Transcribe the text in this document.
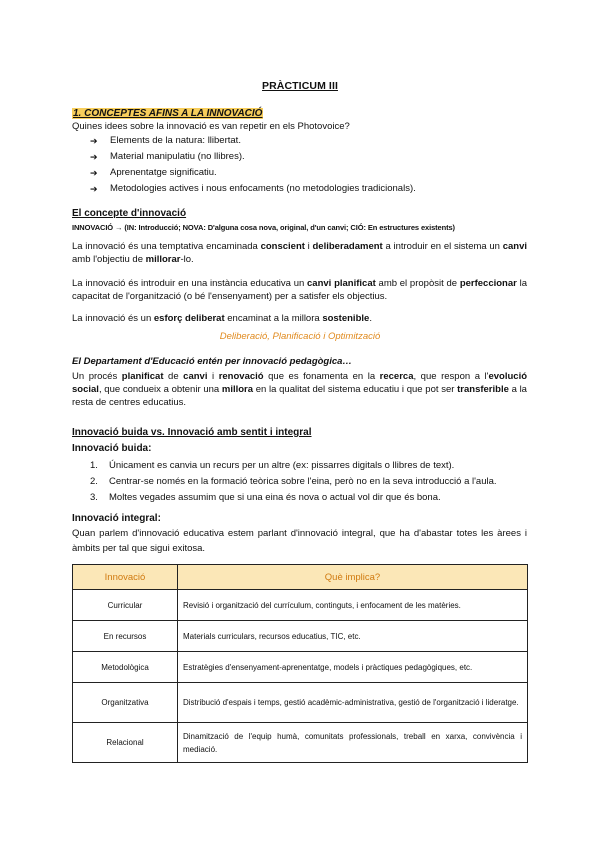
PRÀCTICUM III
1. CONCEPTES AFINS A LA INNOVACIÓ
Quines idees sobre la innovació es van repetir en els Photovoice?
➔	Elements de la natura: llibertat.
➔	Material manipulatiu (no llibres).
➔	Aprenentatge significatiu.
➔	Metodologies actives i nous enfocaments (no metodologies tradicionals).
El concepte d'innovació
INNOVACIÓ → (IN: Introducció; NOVA: D'alguna cosa nova, original, d'un canvi; CIÓ: En estructures existents)
La innovació és una temptativa encaminada conscient i deliberadament a introduir en el sistema un canvi amb l'objectiu de millorar-lo.
La innovació és introduir en una instància educativa un canvi planificat amb el propòsit de perfeccionar la capacitat de l'organització (o bé l'ensenyament) per a satisfer els objectius.
La innovació és un esforç deliberat encaminat a la millora sostenible.
Deliberació, Planificació i Optimització
El Departament d'Educació entén per innovació pedagògica…
Un procés planificat de canvi i renovació que es fonamenta en la recerca, que respon a l'evolució social, que condueix a obtenir una millora en la qualitat del sistema educatiu i que pot ser transferible a la resta de centres educatius.
Innovació buida vs. Innovació amb sentit i integral
Innovació buida:
1.	Únicament es canvia un recurs per un altre (ex: pissarres digitals o llibres de text).
2.	Centrar-se només en la formació teòrica sobre l'eina, però no en la seva introducció a l'aula.
3.	Moltes vegades assumim que si una eina és nova o actual vol dir que és bona.
Innovació integral:
Quan parlem d'innovació educativa estem parlant d'innovació integral, que ha d'abastar totes les àrees i àmbits per tal que sigui exitosa.
Innovació	Què implica?
Curricular	Revisió i organització del currículum, continguts, i enfocament de les matèries.
En recursos	Materials curriculars, recursos educatius, TIC, etc.
Metodològica	Estratègies d'ensenyament-aprenentatge, models i pràctiques pedagògiques, etc.
Organitzativa	Distribució d'espais i temps, gestió acadèmic-administrativa, gestió de l'organització i lideratge.
Relacional	Dinamització de l'equip humà, comunitats professionals, treball en xarxa, convivència i mediació.
